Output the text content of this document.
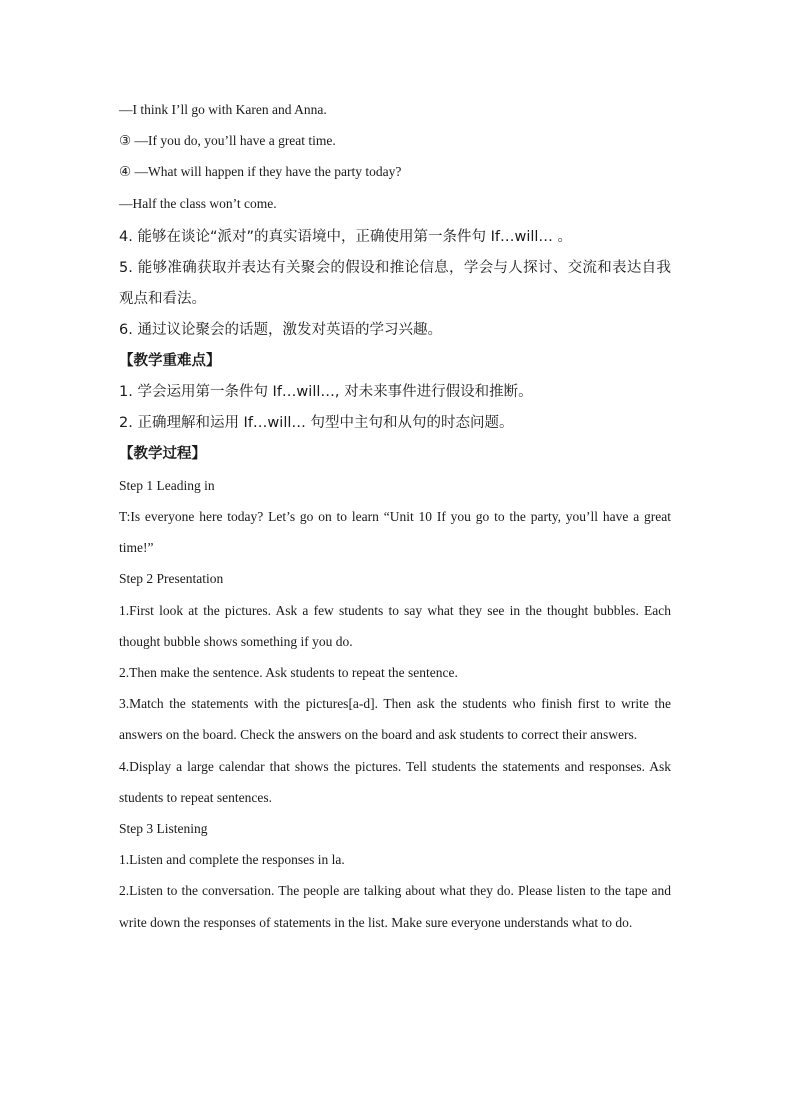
—I think I’ll go with Karen and Anna.

③ —If you do, you’ll have a great time.

④ —What will happen if they have the party today?

—Half the class won’t come.

4. 能够在谈论“派对”的真实语境中，正确使用第一条件句 If…will… 。

5. 能够准确获取并表达有关聚会的假设和推论信息，学会与人探讨、交流和表达自我观点和看法。

6. 通过议论聚会的话题，激发对英语的学习兴趣。

【教学重难点】

1. 学会运用第一条件句 If…will…, 对未来事件进行假设和推断。

2. 正确理解和运用 If…will… 句型中主句和从句的时态问题。

【教学过程】

Step 1 Leading in

T:Is everyone here today? Let’s go on to learn “Unit 10 If you go to the party, you’ll have a great time!”

Step 2 Presentation

1.First look at the pictures. Ask a few students to say what they see in the thought bubbles. Each thought bubble shows something if you do.

2.Then make the sentence. Ask students to repeat the sentence.

3.Match the statements with the pictures[a-d]. Then ask the students who finish first to write the answers on the board. Check the answers on the board and ask students to correct their answers.

4.Display a large calendar that shows the pictures. Tell students the statements and responses. Ask students to repeat sentences.

Step 3 Listening

1.Listen and complete the responses in la.

2.Listen to the conversation. The people are talking about what they do. Please listen to the tape and write down the responses of statements in the list. Make sure everyone understands what to do.
